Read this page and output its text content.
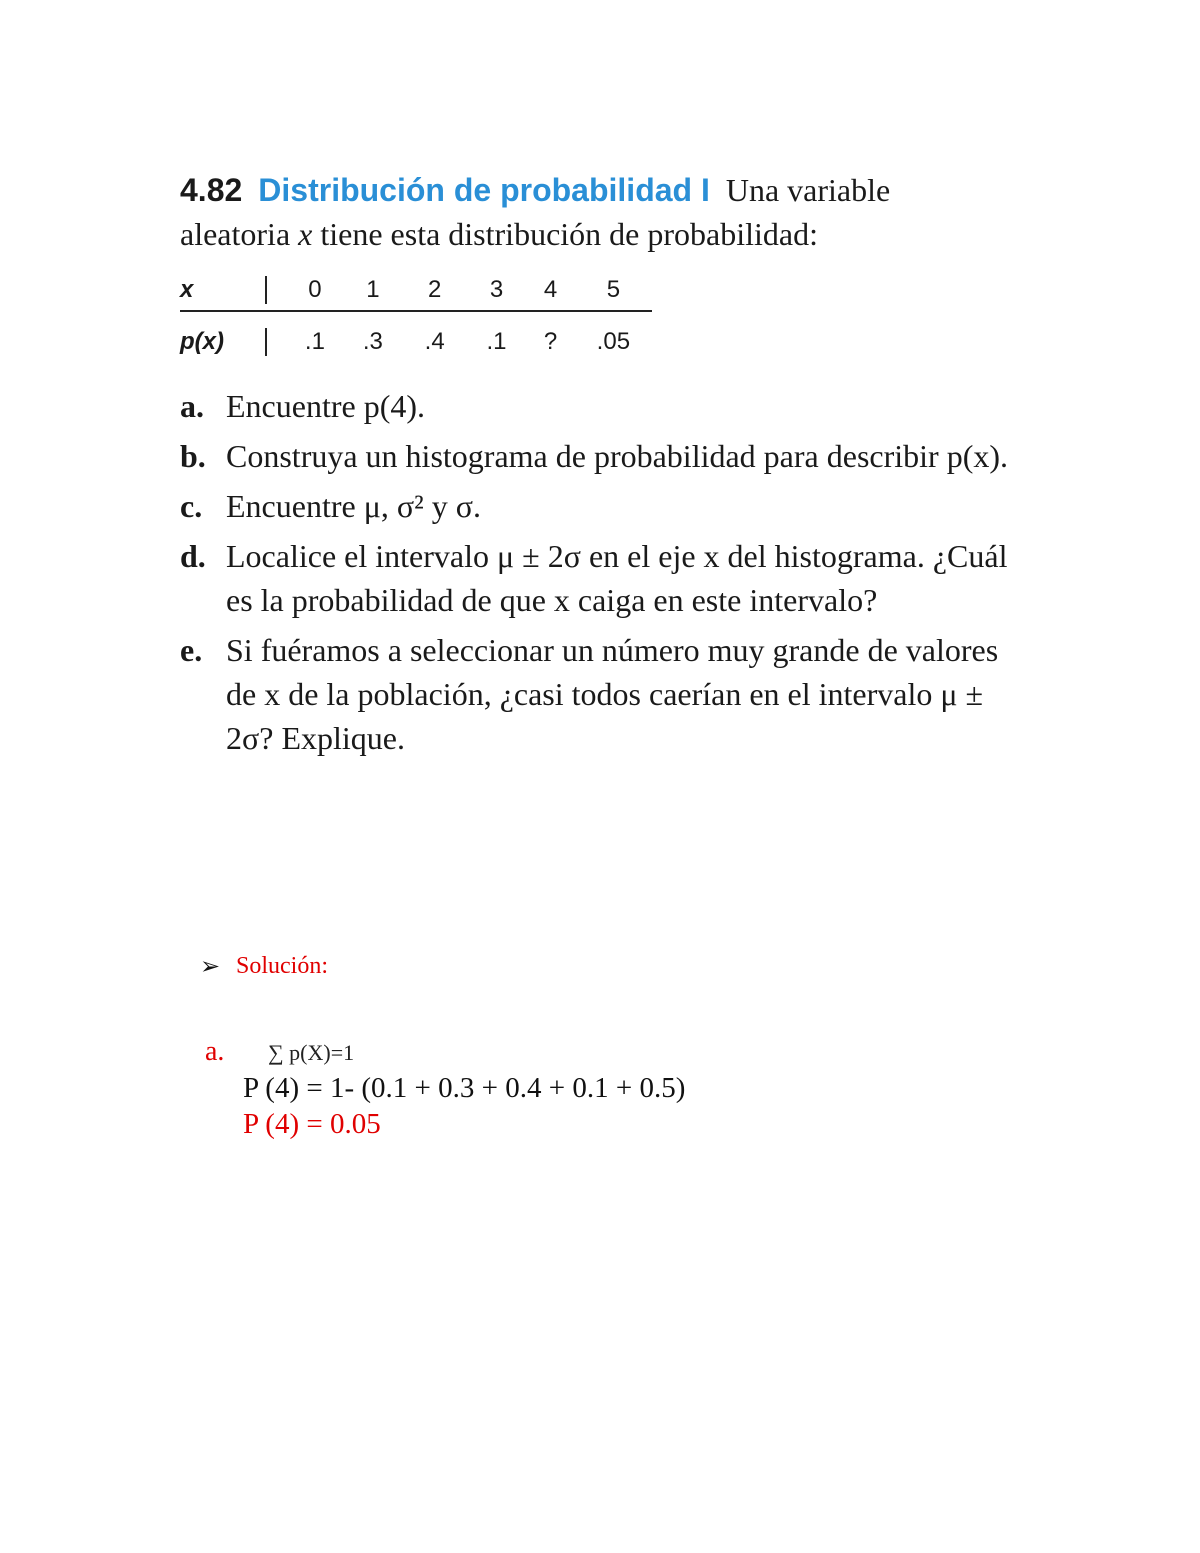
4.82 Distribución de probabilidad I Una variable aleatoria x tiene esta distribución de probabilidad:
x	0	1	2	3	4	5
p(x)	.1	.3	.4	.1	?	.05
a. Encuentre p(4).
b. Construya un histograma de probabilidad para describir p(x).
c. Encuentre μ, σ² y σ.
d. Localice el intervalo μ ± 2σ en el eje x del histograma. ¿Cuál es la probabilidad de que x caiga en este intervalo?
e. Si fuéramos a seleccionar un número muy grande de valores de x de la población, ¿casi todos caerían en el intervalo μ ± 2σ? Explique.
➢ Solución:
a. ∑ p(X)=1
P (4) = 1- (0.1 + 0.3 + 0.4 + 0.1 + 0.5)
P (4) = 0.05
